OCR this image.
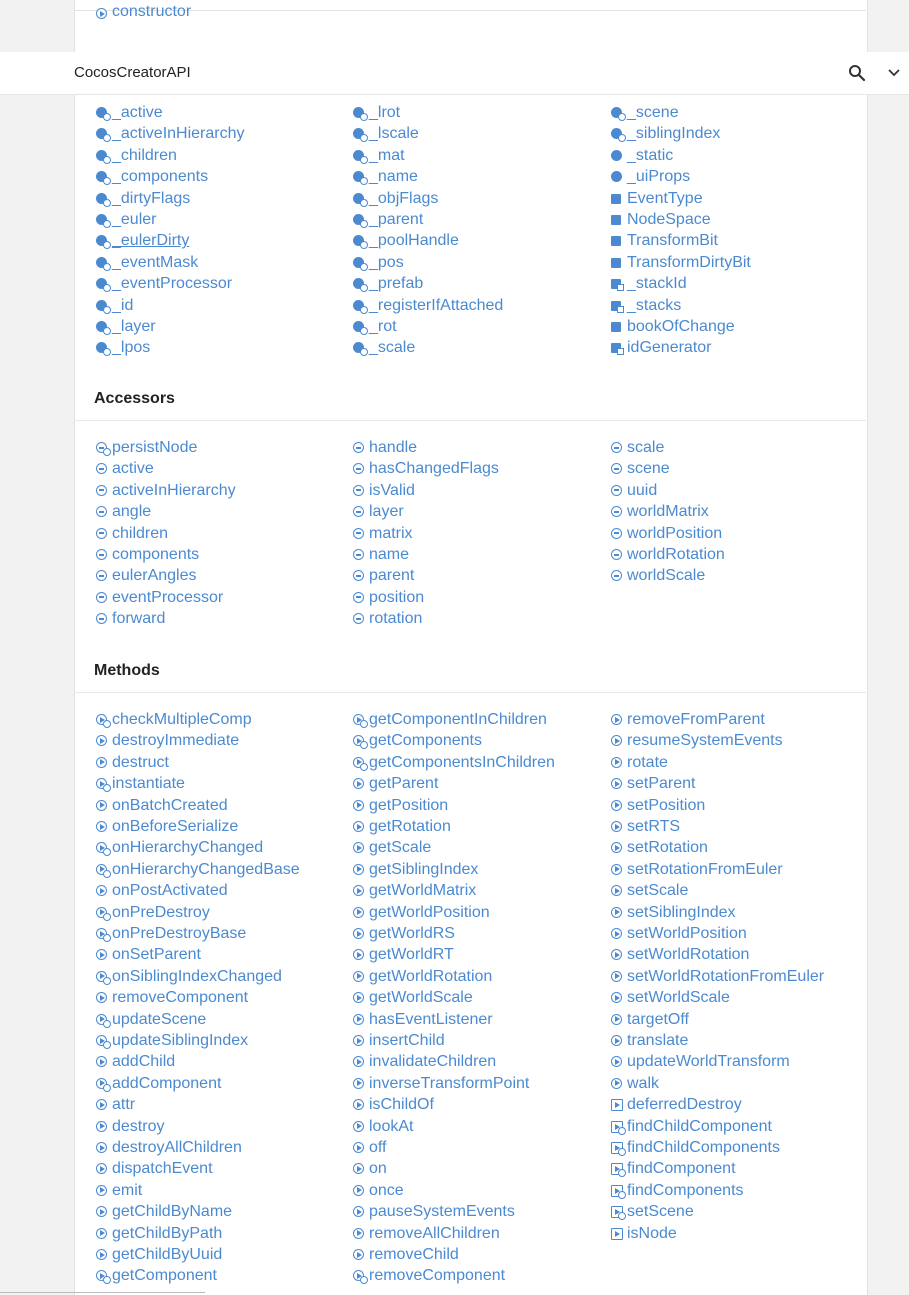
constructor
CocosCreatorAPI
_active
_activeInHierarchy
_children
_components
_dirtyFlags
_euler
_eulerDirty
_eventMask
_eventProcessor
_id
_layer
_lpos
_lrot
_lscale
_mat
_name
_objFlags
_parent
_poolHandle
_pos
_prefab
_registerIfAttached
_rot
_scale
_scene
_siblingIndex
_static
_uiProps
EventType
NodeSpace
TransformBit
TransformDirtyBit
_stackId
_stacks
bookOfChange
idGenerator
Accessors
persistNode
active
activeInHierarchy
angle
children
components
eulerAngles
eventProcessor
forward
handle
hasChangedFlags
isValid
layer
matrix
name
parent
position
rotation
scale
scene
uuid
worldMatrix
worldPosition
worldRotation
worldScale
Methods
checkMultipleComp
destroyImmediate
destruct
instantiate
onBatchCreated
onBeforeSerialize
onHierarchyChanged
onHierarchyChangedBase
onPostActivated
onPreDestroy
onPreDestroyBase
onSetParent
onSiblingIndexChanged
removeComponent
updateScene
updateSiblingIndex
addChild
addComponent
attr
destroy
destroyAllChildren
dispatchEvent
emit
getChildByName
getChildByPath
getChildByUuid
getComponent
getComponentInChildren
getComponents
getComponentsInChildren
getParent
getPosition
getRotation
getScale
getSiblingIndex
getWorldMatrix
getWorldPosition
getWorldRS
getWorldRT
getWorldRotation
getWorldScale
hasEventListener
insertChild
invalidateChildren
inverseTransformPoint
isChildOf
lookAt
off
on
once
pauseSystemEvents
removeAllChildren
removeChild
removeComponent
removeFromParent
resumeSystemEvents
rotate
setParent
setPosition
setRTS
setRotation
setRotationFromEuler
setScale
setSiblingIndex
setWorldPosition
setWorldRotation
setWorldRotationFromEuler
setWorldScale
targetOff
translate
updateWorldTransform
walk
deferredDestroy
findChildComponent
findChildComponents
findComponent
findComponents
setScene
isNode
